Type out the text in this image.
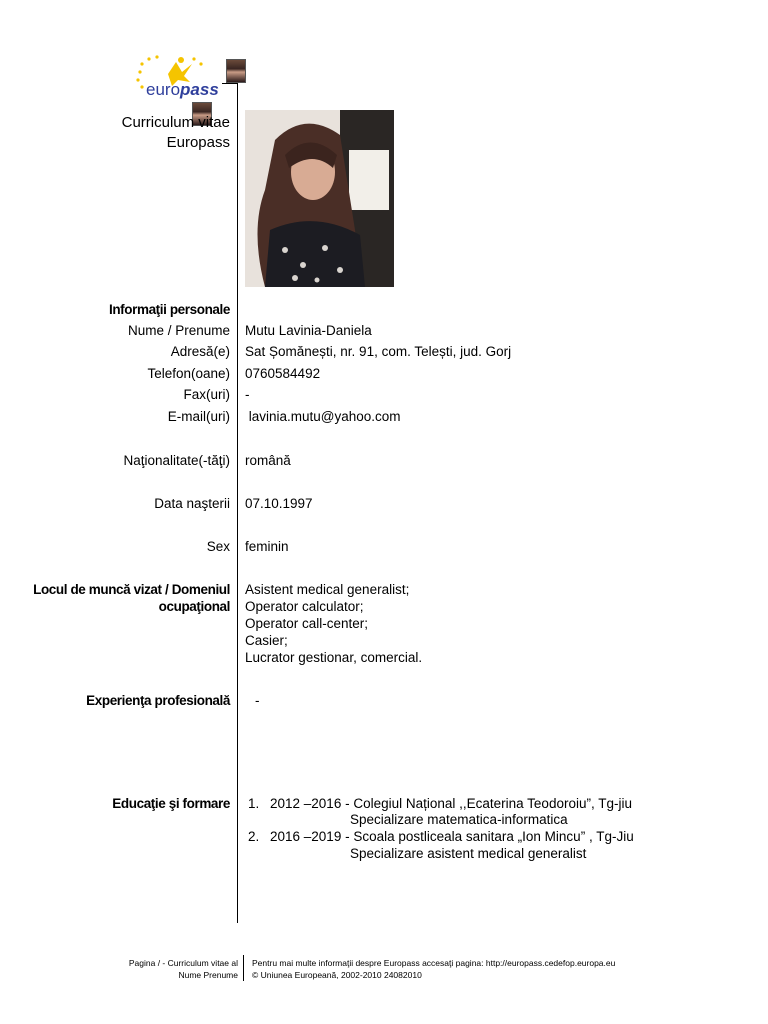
europass
Curriculum vitae
Europass
Informaţii personale
Nume / Prenume Mutu Lavinia-Daniela
Adresă(e) Sat Șomănești, nr. 91, com. Telești, jud. Gorj
Telefon(oane) 0760584492
Fax(uri) -
E-mail(uri) lavinia.mutu@yahoo.com
Naţionalitate(-tăţi) română
Data naşterii 07.10.1997
Sex feminin
Locul de muncă vizat / Domeniul
ocupaţional
Asistent medical generalist;
Operator calculator;
Operator call-center;
Casier;
Lucrator gestionar, comercial.
Experienţa profesională -
Educaţie şi formare 1. 2012 –2016 - Colegiul Național ,,Ecaterina Teodoroiu”, Tg-jiu
Specializare matematica-informatica
2. 2016 –2019 - Scoala postliceala sanitara „Ion Mincu” , Tg-Jiu
Specializare asistent medical generalist
Pagina / - Curriculum vitae al
Nume Prenume
Pentru mai multe informaţii despre Europass accesaţi pagina: http://europass.cedefop.europa.eu
© Uniunea Europeană, 2002-2010 24082010
